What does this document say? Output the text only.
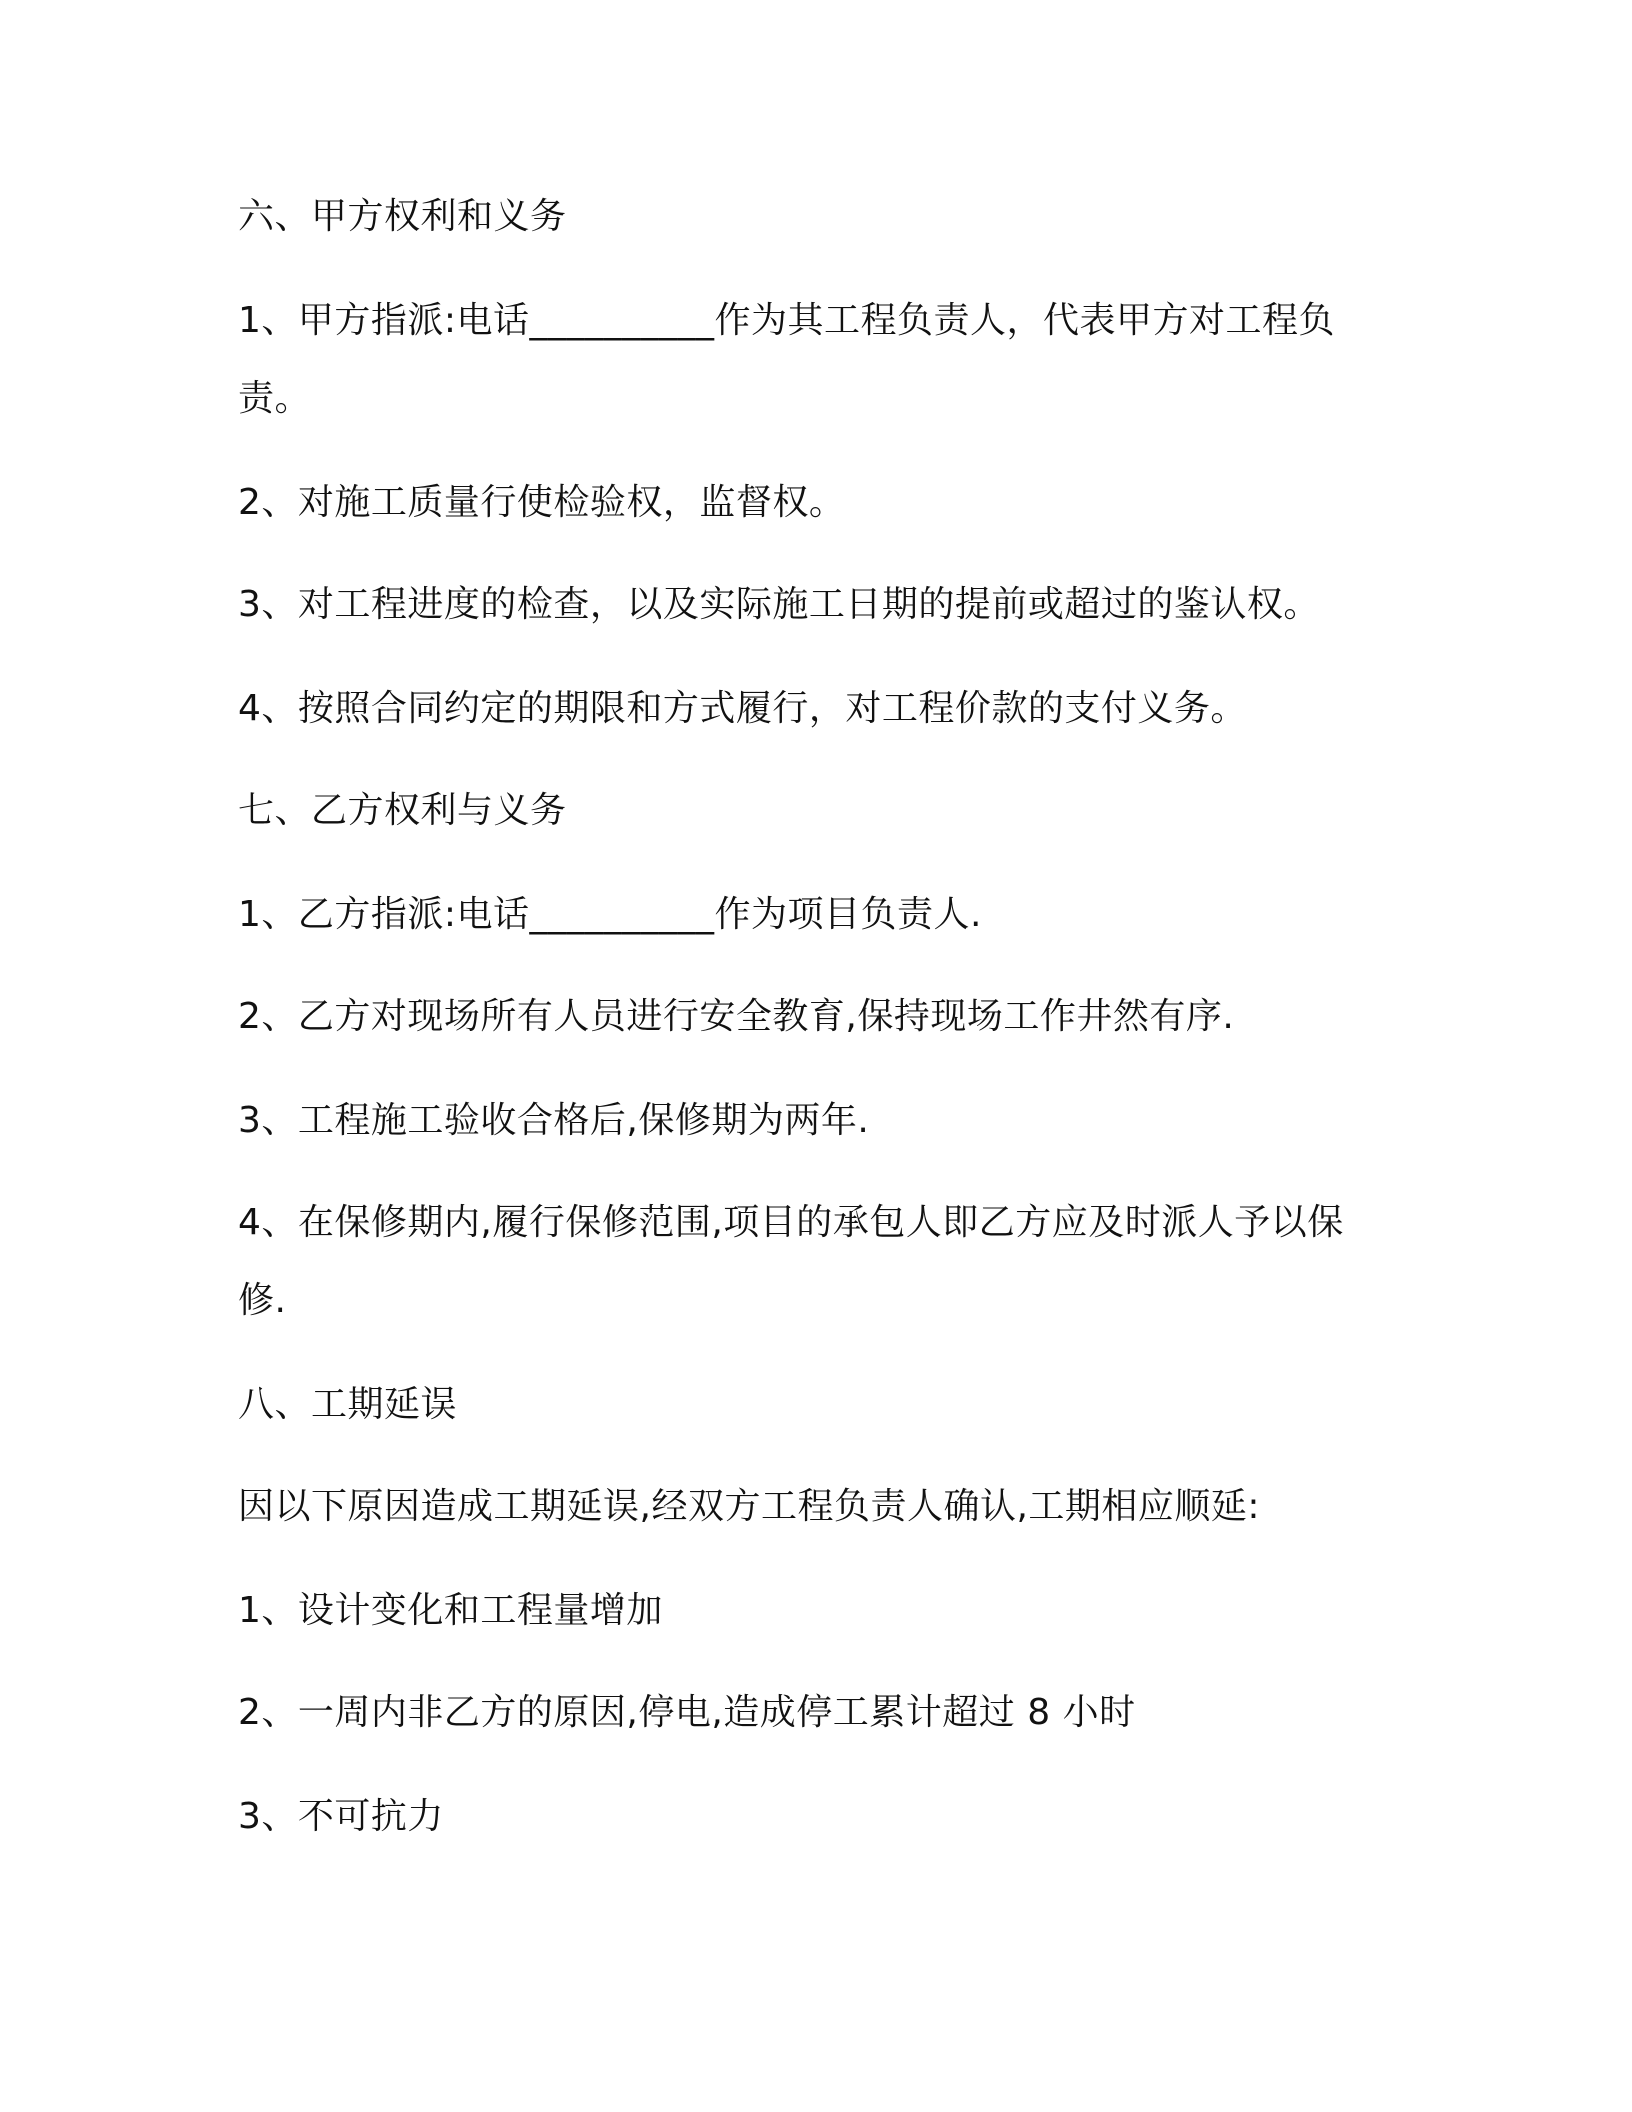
六、甲方权利和义务
1、甲方指派:电话__________作为其工程负责人，代表甲方对工程负
责。
2、对施工质量行使检验权，监督权。
3、对工程进度的检查，以及实际施工日期的提前或超过的鉴认权。
4、按照合同约定的期限和方式履行，对工程价款的支付义务。
七、乙方权利与义务
1、乙方指派:电话__________作为项目负责人.
2、乙方对现场所有人员进行安全教育,保持现场工作井然有序.
3、工程施工验收合格后,保修期为两年.
4、在保修期内,履行保修范围,项目的承包人即乙方应及时派人予以保
修.
八、工期延误
因以下原因造成工期延误,经双方工程负责人确认,工期相应顺延:
1、设计变化和工程量增加
2、一周内非乙方的原因,停电,造成停工累计超过 8 小时
3、不可抗力
